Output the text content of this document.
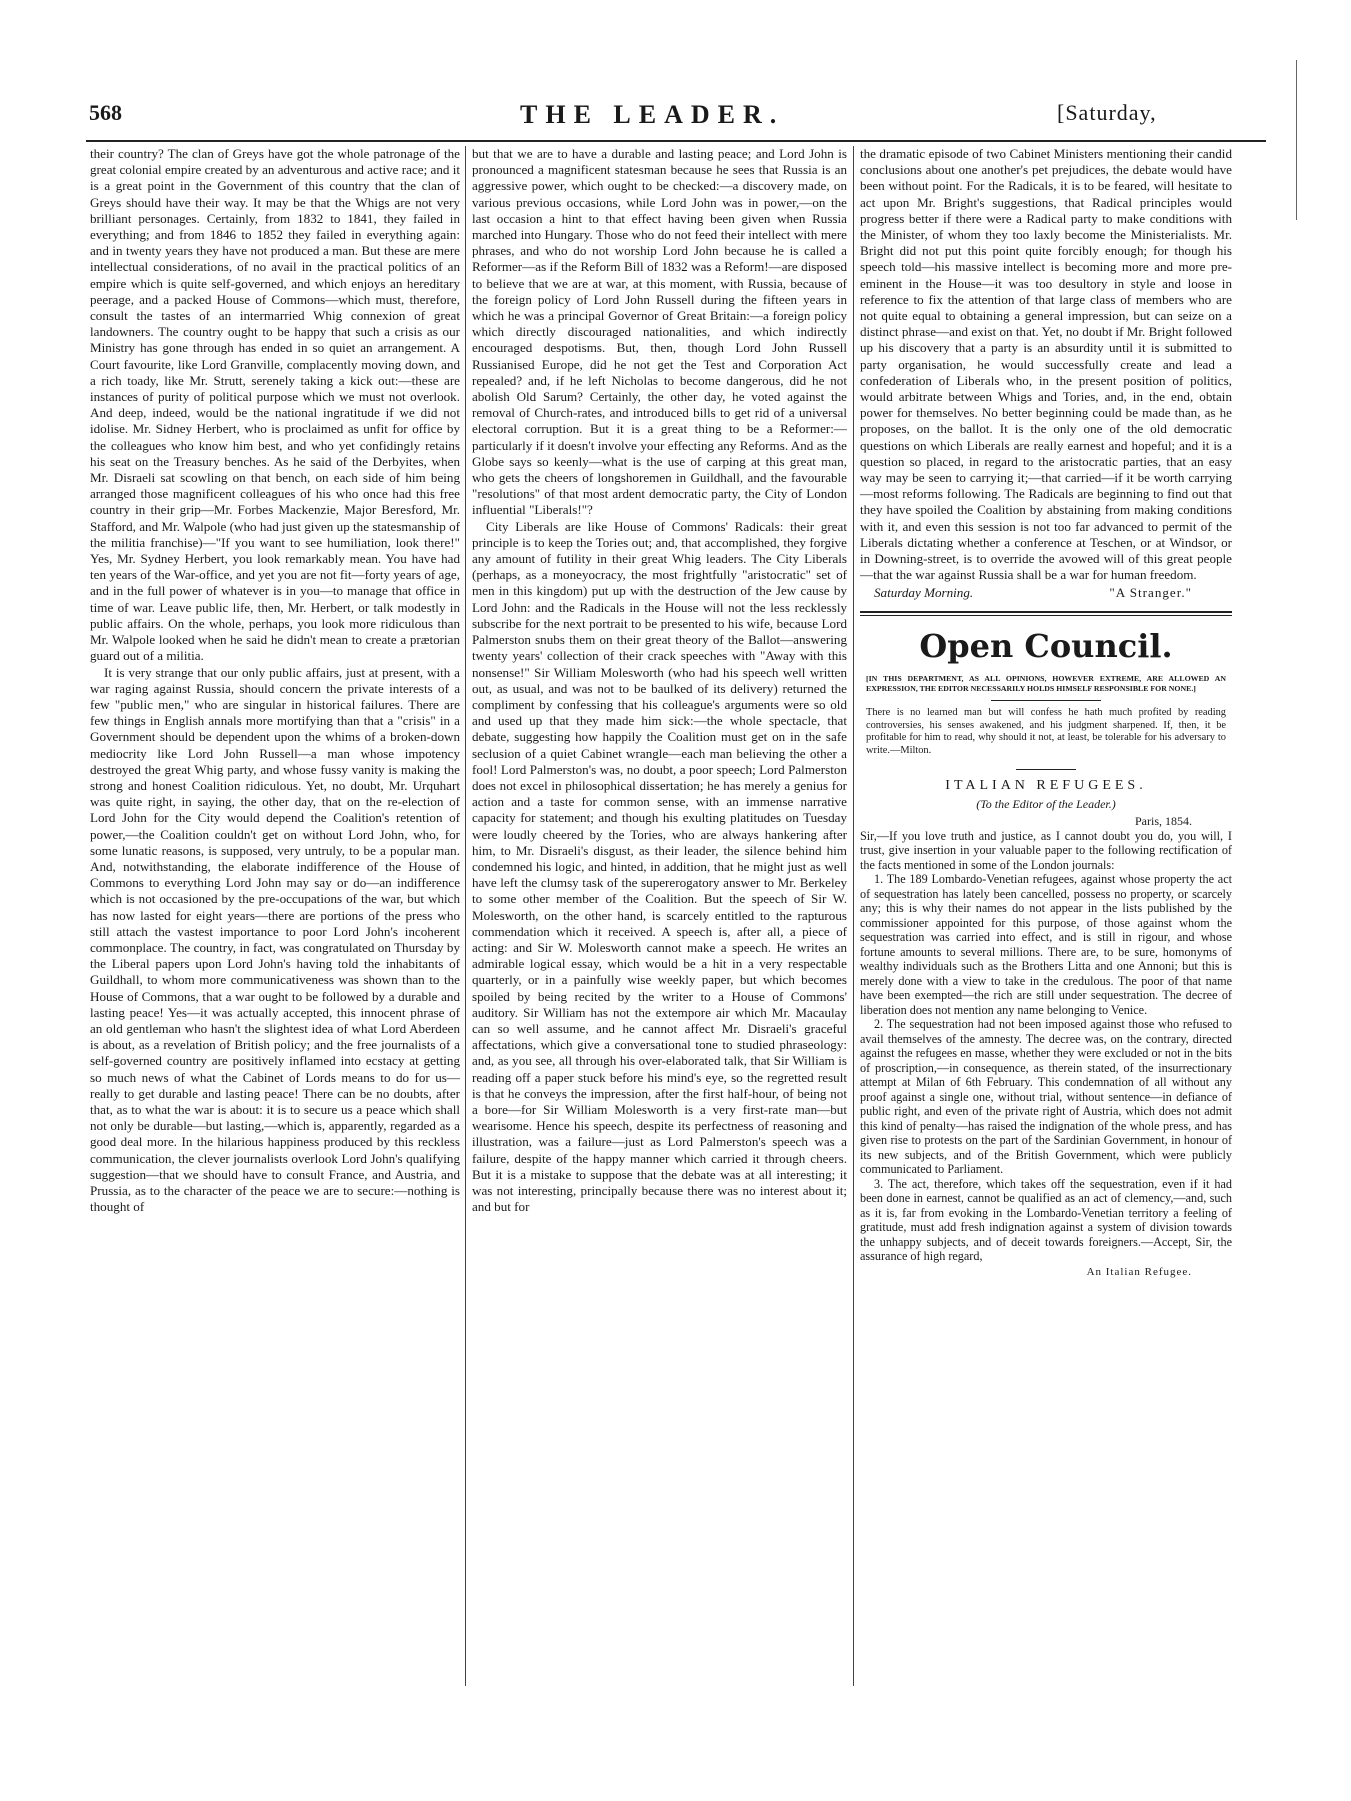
568	THE LEADER.	[Saturday,

their country? The clan of Greys have got the whole patronage of the great colonial empire created by an adventurous and active race; and it is a great point in the Government of this country that the clan of Greys should have their way. It may be that the Whigs are not very brilliant personages. Certainly, from 1832 to 1841, they failed in everything; and from 1846 to 1852 they failed in everything again: and in twenty years they have not produced a man. But these are mere intellectual considerations, of no avail in the practical politics of an empire which is quite self-governed, and which enjoys an hereditary peerage, and a packed House of Commons—which must, therefore, consult the tastes of an intermarried Whig connexion of great landowners. The country ought to be happy that such a crisis as our Ministry has gone through has ended in so quiet an arrangement. A Court favourite, like Lord Granville, complacently moving down, and a rich toady, like Mr. Strutt, serenely taking a kick out:—these are instances of purity of political purpose which we must not overlook. And deep, indeed, would be the national ingratitude if we did not idolise. Mr. Sidney Herbert, who is proclaimed as unfit for office by the colleagues who know him best, and who yet confidingly retains his seat on the Treasury benches. As he said of the Derbyites, when Mr. Disraeli sat scowling on that bench, on each side of him being arranged those magnificent colleagues of his who once had this free country in their grip—Mr. Forbes Mackenzie, Major Beresford, Mr. Stafford, and Mr. Walpole (who had just given up the statesmanship of the militia franchise)—"If you want to see humiliation, look there!" Yes, Mr. Sydney Herbert, you look remarkably mean. You have had ten years of the War-office, and yet you are not fit—forty years of age, and in the full power of whatever is in you—to manage that office in time of war. Leave public life, then, Mr. Herbert, or talk modestly in public affairs. On the whole, perhaps, you look more ridiculous than Mr. Walpole looked when he said he didn't mean to create a prætorian guard out of a militia.

It is very strange that our only public affairs, just at present, with a war raging against Russia, should concern the private interests of a few "public men," who are singular in historical failures. There are few things in English annals more mortifying than that a "crisis" in a Government should be dependent upon the whims of a broken-down mediocrity like Lord John Russell—a man whose impotency destroyed the great Whig party, and whose fussy vanity is making the strong and honest Coalition ridiculous. Yet, no doubt, Mr. Urquhart was quite right, in saying, the other day, that on the re-election of Lord John for the City would depend the Coalition's retention of power,—the Coalition couldn't get on without Lord John, who, for some lunatic reasons, is supposed, very untruly, to be a popular man. And, notwithstanding, the elaborate indifference of the House of Commons to everything Lord John may say or do—an indifference which is not occasioned by the pre-occupations of the war, but which has now lasted for eight years—there are portions of the press who still attach the vastest importance to poor Lord John's incoherent commonplace. The country, in fact, was congratulated on Thursday by the Liberal papers upon Lord John's having told the inhabitants of Guildhall, to whom more communicativeness was shown than to the House of Commons, that a war ought to be followed by a durable and lasting peace! Yes—it was actually accepted, this innocent phrase of an old gentleman who hasn't the slightest idea of what Lord Aberdeen is about, as a revelation of British policy; and the free journalists of a self-governed country are positively inflamed into ecstacy at getting so much news of what the Cabinet of Lords means to do for us—really to get durable and lasting peace! There can be no doubts, after that, as to what the war is about: it is to secure us a peace which shall not only be durable—but lasting,—which is, apparently, regarded as a good deal more. In the hilarious happiness produced by this reckless communication, the clever journalists overlook Lord John's qualifying suggestion—that we should have to consult France, and Austria, and Prussia, as to the character of the peace we are to secure:—nothing is thought of

but that we are to have a durable and lasting peace; and Lord John is pronounced a magnificent statesman because he sees that Russia is an aggressive power, which ought to be checked:—a discovery made, on various previous occasions, while Lord John was in power,—on the last occasion a hint to that effect having been given when Russia marched into Hungary. Those who do not feed their intellect with mere phrases, and who do not worship Lord John because he is called a Reformer—as if the Reform Bill of 1832 was a Reform!—are disposed to believe that we are at war, at this moment, with Russia, because of the foreign policy of Lord John Russell during the fifteen years in which he was a principal Governor of Great Britain:—a foreign policy which directly discouraged nationalities, and which indirectly encouraged despotisms. But, then, though Lord John Russell Russianised Europe, did he not get the Test and Corporation Act repealed? and, if he left Nicholas to become dangerous, did he not abolish Old Sarum? Certainly, the other day, he voted against the removal of Church-rates, and introduced bills to get rid of a universal electoral corruption. But it is a great thing to be a Reformer:—particularly if it doesn't involve your effecting any Reforms. And as the Globe says so keenly—what is the use of carping at this great man, who gets the cheers of longshoremen in Guildhall, and the favourable "resolutions" of that most ardent democratic party, the City of London influential "Liberals!"?

City Liberals are like House of Commons' Radicals: their great principle is to keep the Tories out; and, that accomplished, they forgive any amount of futility in their great Whig leaders. The City Liberals (perhaps, as a moneyocracy, the most frightfully "aristocratic" set of men in this kingdom) put up with the destruction of the Jew cause by Lord John: and the Radicals in the House will not the less recklessly subscribe for the next portrait to be presented to his wife, because Lord Palmerston snubs them on their great theory of the Ballot—answering twenty years' collection of their crack speeches with "Away with this nonsense!" Sir William Molesworth (who had his speech well written out, as usual, and was not to be baulked of its delivery) returned the compliment by confessing that his colleague's arguments were so old and used up that they made him sick:—the whole spectacle, that debate, suggesting how happily the Coalition must get on in the safe seclusion of a quiet Cabinet wrangle—each man believing the other a fool! Lord Palmerston's was, no doubt, a poor speech; Lord Palmerston does not excel in philosophical dissertation; he has merely a genius for action and a taste for common sense, with an immense narrative capacity for statement; and though his exulting platitudes on Tuesday were loudly cheered by the Tories, who are always hankering after him, to Mr. Disraeli's disgust, as their leader, the silence behind him condemned his logic, and hinted, in addition, that he might just as well have left the clumsy task of the supererogatory answer to Mr. Berkeley to some other member of the Coalition. But the speech of Sir W. Molesworth, on the other hand, is scarcely entitled to the rapturous commendation which it received. A speech is, after all, a piece of acting: and Sir W. Molesworth cannot make a speech. He writes an admirable logical essay, which would be a hit in a very respectable quarterly, or in a painfully wise weekly paper, but which becomes spoiled by being recited by the writer to a House of Commons' auditory. Sir William has not the extempore air which Mr. Macaulay can so well assume, and he cannot affect Mr. Disraeli's graceful affectations, which give a conversational tone to studied phraseology: and, as you see, all through his over-elaborated talk, that Sir William is reading off a paper stuck before his mind's eye, so the regretted result is that he conveys the impression, after the first half-hour, of being not a bore—for Sir William Molesworth is a very first-rate man—but wearisome. Hence his speech, despite its perfectness of reasoning and illustration, was a failure—just as Lord Palmerston's speech was a failure, despite of the happy manner which carried it through cheers. But it is a mistake to suppose that the debate was at all interesting; it was not interesting, principally because there was no interest about it; and but for

the dramatic episode of two Cabinet Ministers mentioning their candid conclusions about one another's pet prejudices, the debate would have been without point. For the Radicals, it is to be feared, will hesitate to act upon Mr. Bright's suggestions, that Radical principles would progress better if there were a Radical party to make conditions with the Minister, of whom they too laxly become the Ministerialists. Mr. Bright did not put this point quite forcibly enough; for though his speech told—his massive intellect is becoming more and more pre-eminent in the House—it was too desultory in style and loose in reference to fix the attention of that large class of members who are not quite equal to obtaining a general impression, but can seize on a distinct phrase—and exist on that. Yet, no doubt if Mr. Bright followed up his discovery that a party is an absurdity until it is submitted to party organisation, he would successfully create and lead a confederation of Liberals who, in the present position of politics, would arbitrate between Whigs and Tories, and, in the end, obtain power for themselves. No better beginning could be made than, as he proposes, on the ballot. It is the only one of the old democratic questions on which Liberals are really earnest and hopeful; and it is a question so placed, in regard to the aristocratic parties, that an easy way may be seen to carrying it;—that carried—if it be worth carrying—most reforms following. The Radicals are beginning to find out that they have spoiled the Coalition by abstaining from making conditions with it, and even this session is not too far advanced to permit of the Liberals dictating whether a conference at Teschen, or at Windsor, or in Downing-street, is to override the avowed will of this great people—that the war against Russia shall be a war for human freedom.

Saturday Morning.	"A Stranger."
Open Council.
[IN THIS DEPARTMENT, AS ALL OPINIONS, HOWEVER EXTREME, ARE ALLOWED AN EXPRESSION, THE EDITOR NECESSARILY HOLDS HIMSELF RESPONSIBLE FOR NONE.]
There is no learned man but will confess he hath much profited by reading controversies, his senses awakened, and his judgment sharpened. If, then, it be profitable for him to read, why should it not, at least, be tolerable for his adversary to write.—Milton.
ITALIAN REFUGEES.
(To the Editor of the Leader.)
Paris, 1854.

Sir,—If you love truth and justice, as I cannot doubt you do, you will, I trust, give insertion in your valuable paper to the following rectification of the facts mentioned in some of the London journals:

1. The 189 Lombardo-Venetian refugees, against whose property the act of sequestration has lately been cancelled, possess no property, or scarcely any; this is why their names do not appear in the lists published by the commissioner appointed for this purpose, of those against whom the sequestration was carried into effect, and is still in rigour, and whose fortune amounts to several millions. There are, to be sure, homonyms of wealthy individuals such as the Brothers Litta and one Annoni; but this is merely done with a view to take in the credulous. The poor of that name have been exempted—the rich are still under sequestration. The decree of liberation does not mention any name belonging to Venice.

2. The sequestration had not been imposed against those who refused to avail themselves of the amnesty. The decree was, on the contrary, directed against the refugees en masse, whether they were excluded or not in the bits of proscription,—in consequence, as therein stated, of the insurrectionary attempt at Milan of 6th February. This condemnation of all without any proof against a single one, without trial, without sentence—in defiance of public right, and even of the private right of Austria, which does not admit this kind of penalty—has raised the indignation of the whole press, and has given rise to protests on the part of the Sardinian Government, in honour of its new subjects, and of the British Government, which were publicly communicated to Parliament.

3. The act, therefore, which takes off the sequestration, even if it had been done in earnest, cannot be qualified as an act of clemency,—and, such as it is, far from evoking in the Lombardo-Venetian territory a feeling of gratitude, must add fresh indignation against a system of division towards the unhappy subjects, and of deceit towards foreigners.—Accept, Sir, the assurance of high regard,

An Italian Refugee.
